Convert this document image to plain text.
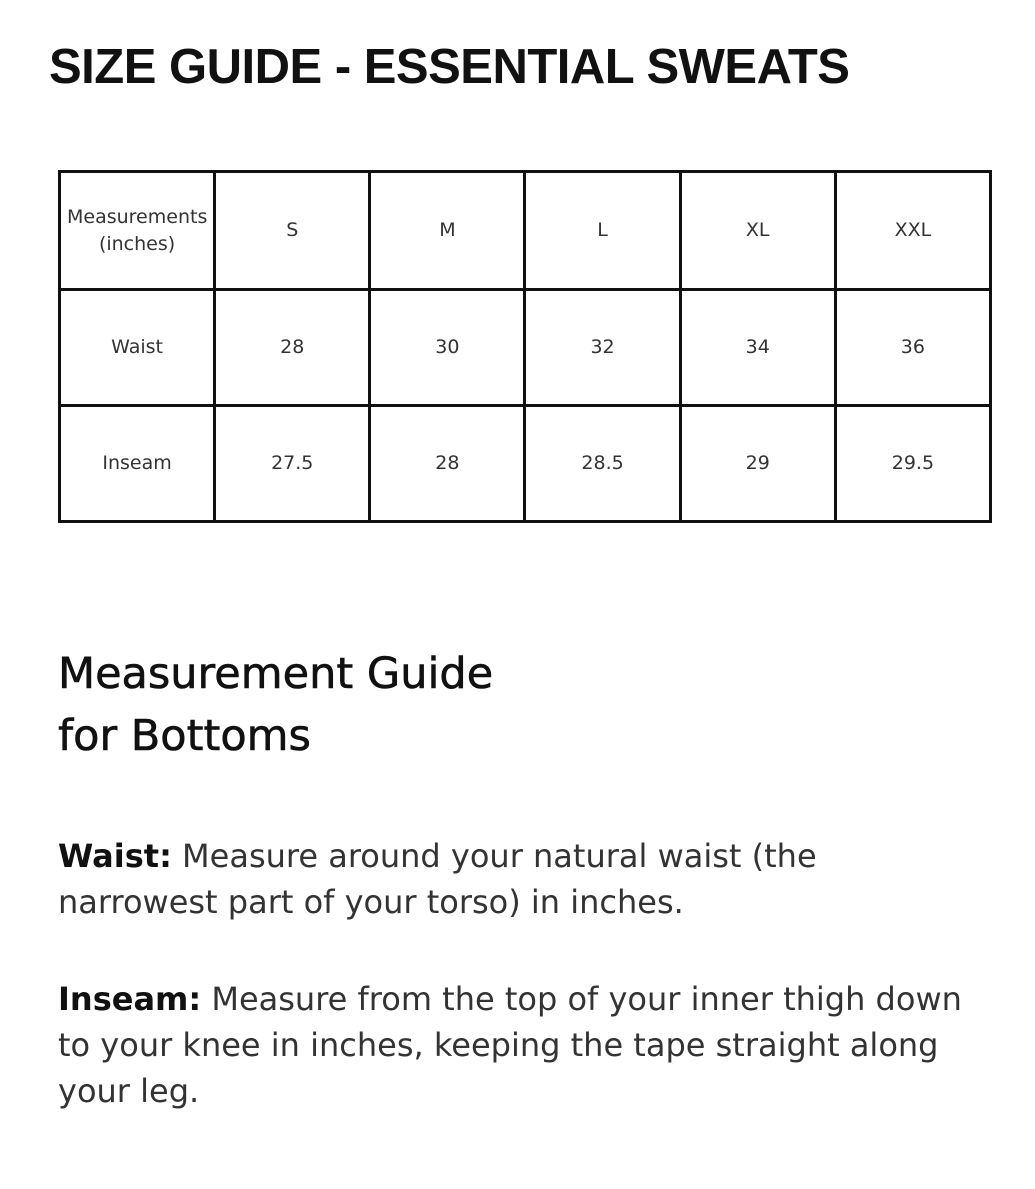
SIZE GUIDE - ESSENTIAL SWEATS
Measurements
(inches)	S	M	L	XL	XXL
Waist	28	30	32	34	36
Inseam	27.5	28	28.5	29	29.5
Measurement Guide
for Bottoms

Waist: Measure around your natural waist (the narrowest part of your torso) in inches.

Inseam: Measure from the top of your inner thigh down to your knee in inches, keeping the tape straight along your leg.
